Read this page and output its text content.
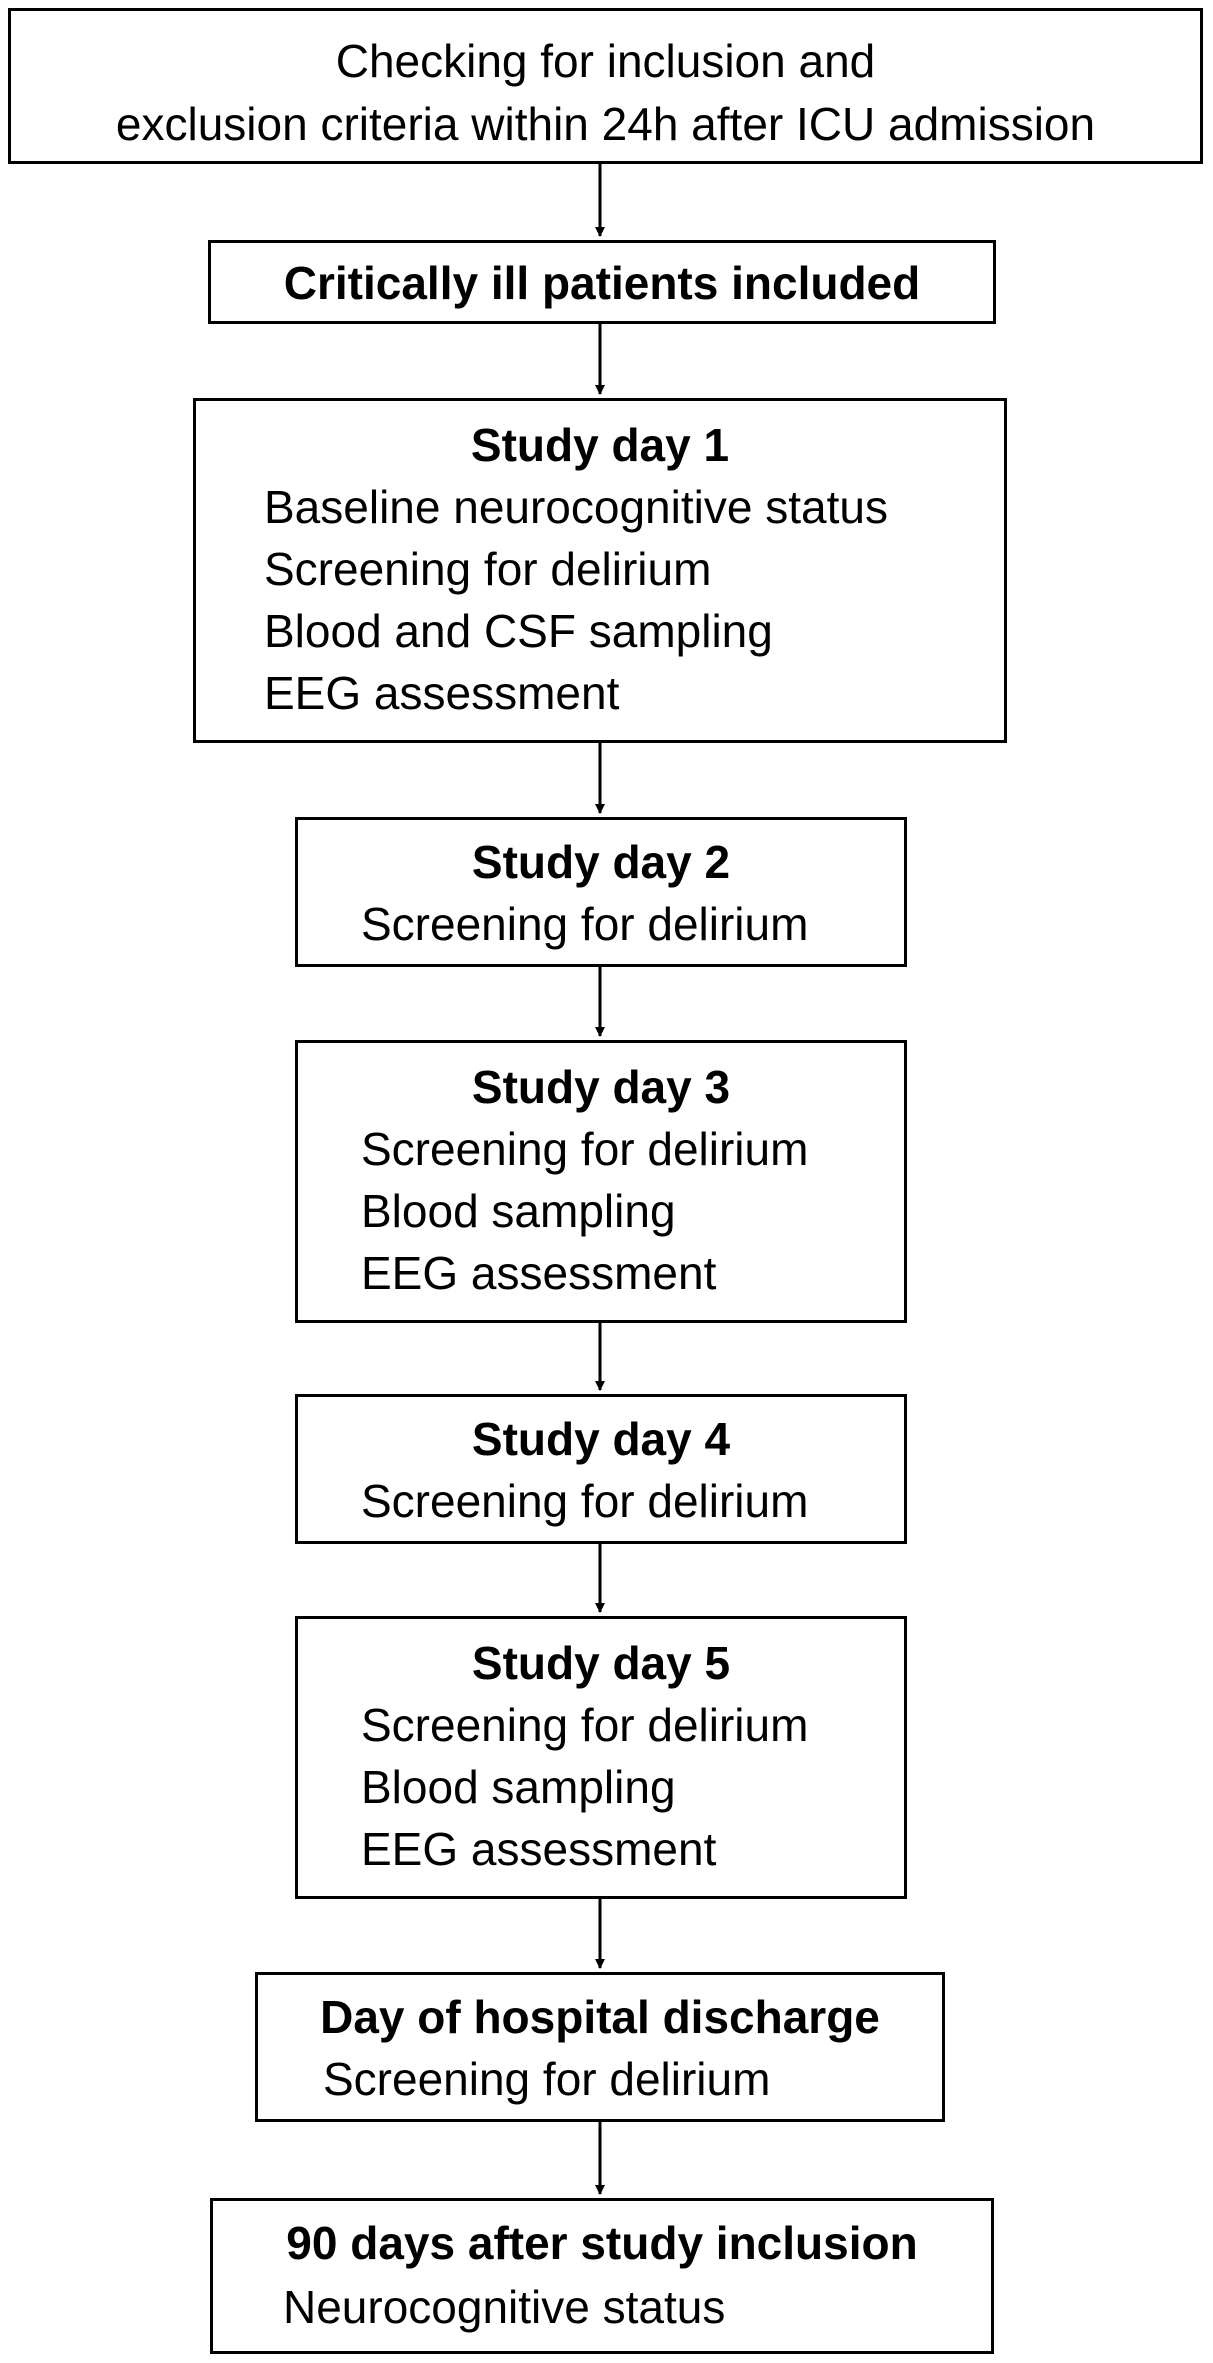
Checking for inclusion and
exclusion criteria within 24h after ICU admission
Critically ill patients included
Study day 1
Baseline neurocognitive status
Screening for delirium
Blood and CSF sampling
EEG assessment
Study day 2
Screening for delirium
Study day 3
Screening for delirium
Blood sampling
EEG assessment
Study day 4
Screening for delirium
Study day 5
Screening for delirium
Blood sampling
EEG assessment
Day of hospital discharge
Screening for delirium
90 days after study inclusion
Neurocognitive status
